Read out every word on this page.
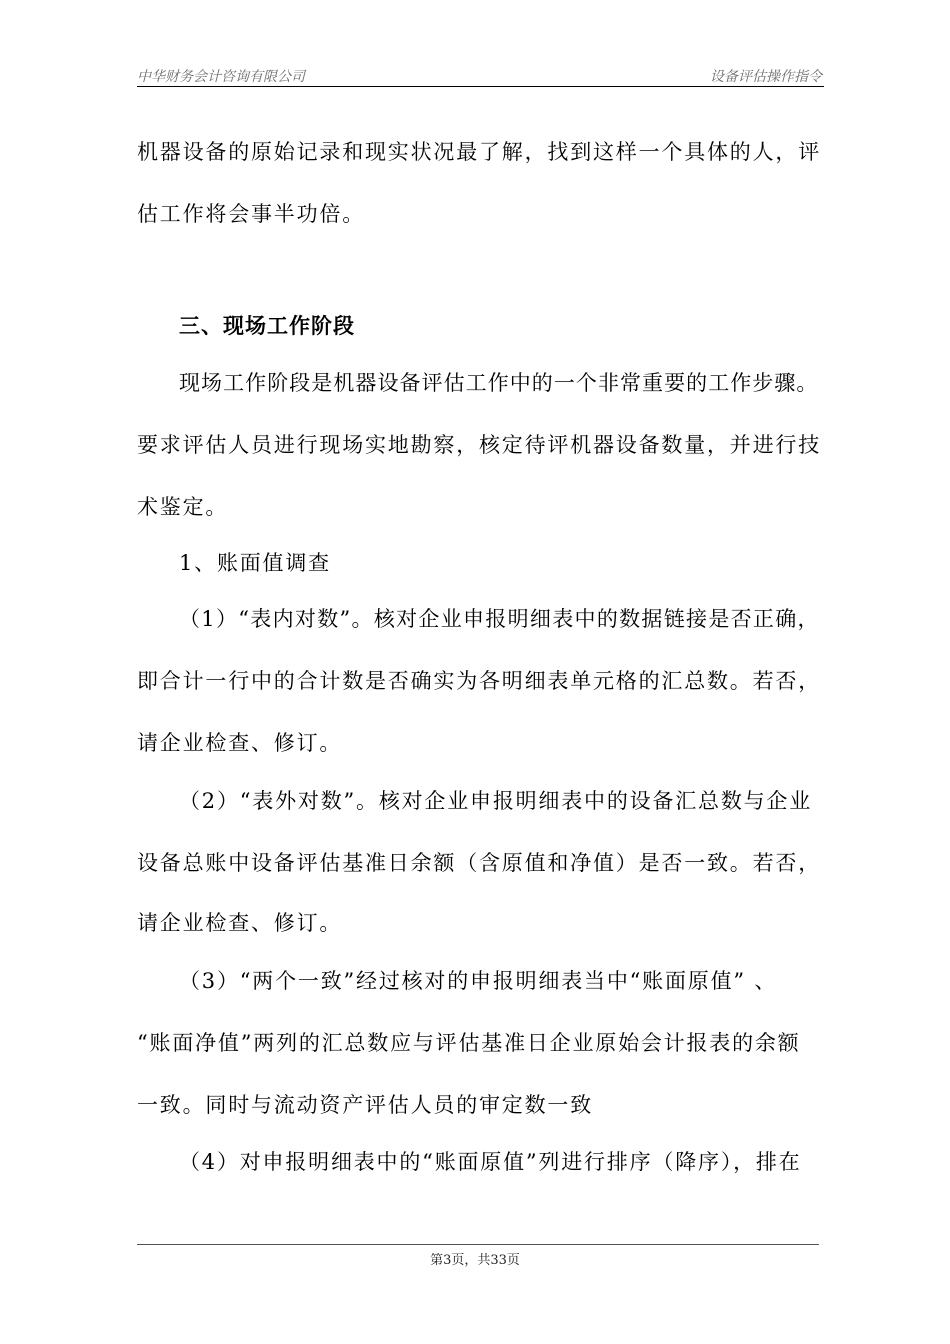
中华财务会计咨询有限公司	设备评估操作指令
机器设备的原始记录和现实状况最了解，找到这样一个具体的人，评
估工作将会事半功倍。
三、现场工作阶段
现场工作阶段是机器设备评估工作中的一个非常重要的工作步骤。
要求评估人员进行现场实地勘察，核定待评机器设备数量，并进行技
术鉴定。
1、账面值调查
（1）“表内对数”。核对企业申报明细表中的数据链接是否正确，
即合计一行中的合计数是否确实为各明细表单元格的汇总数。若否，
请企业检查、修订。
（2）“表外对数”。核对企业申报明细表中的设备汇总数与企业
设备总账中设备评估基准日余额（含原值和净值）是否一致。若否，
请企业检查、修订。
（3）“两个一致”经过核对的申报明细表当中“账面原值” 、
“账面净值”两列的汇总数应与评估基准日企业原始会计报表的余额
一致。同时与流动资产评估人员的审定数一致
（4）对申报明细表中的“账面原值”列进行排序（降序），排在
第3页，共33页
